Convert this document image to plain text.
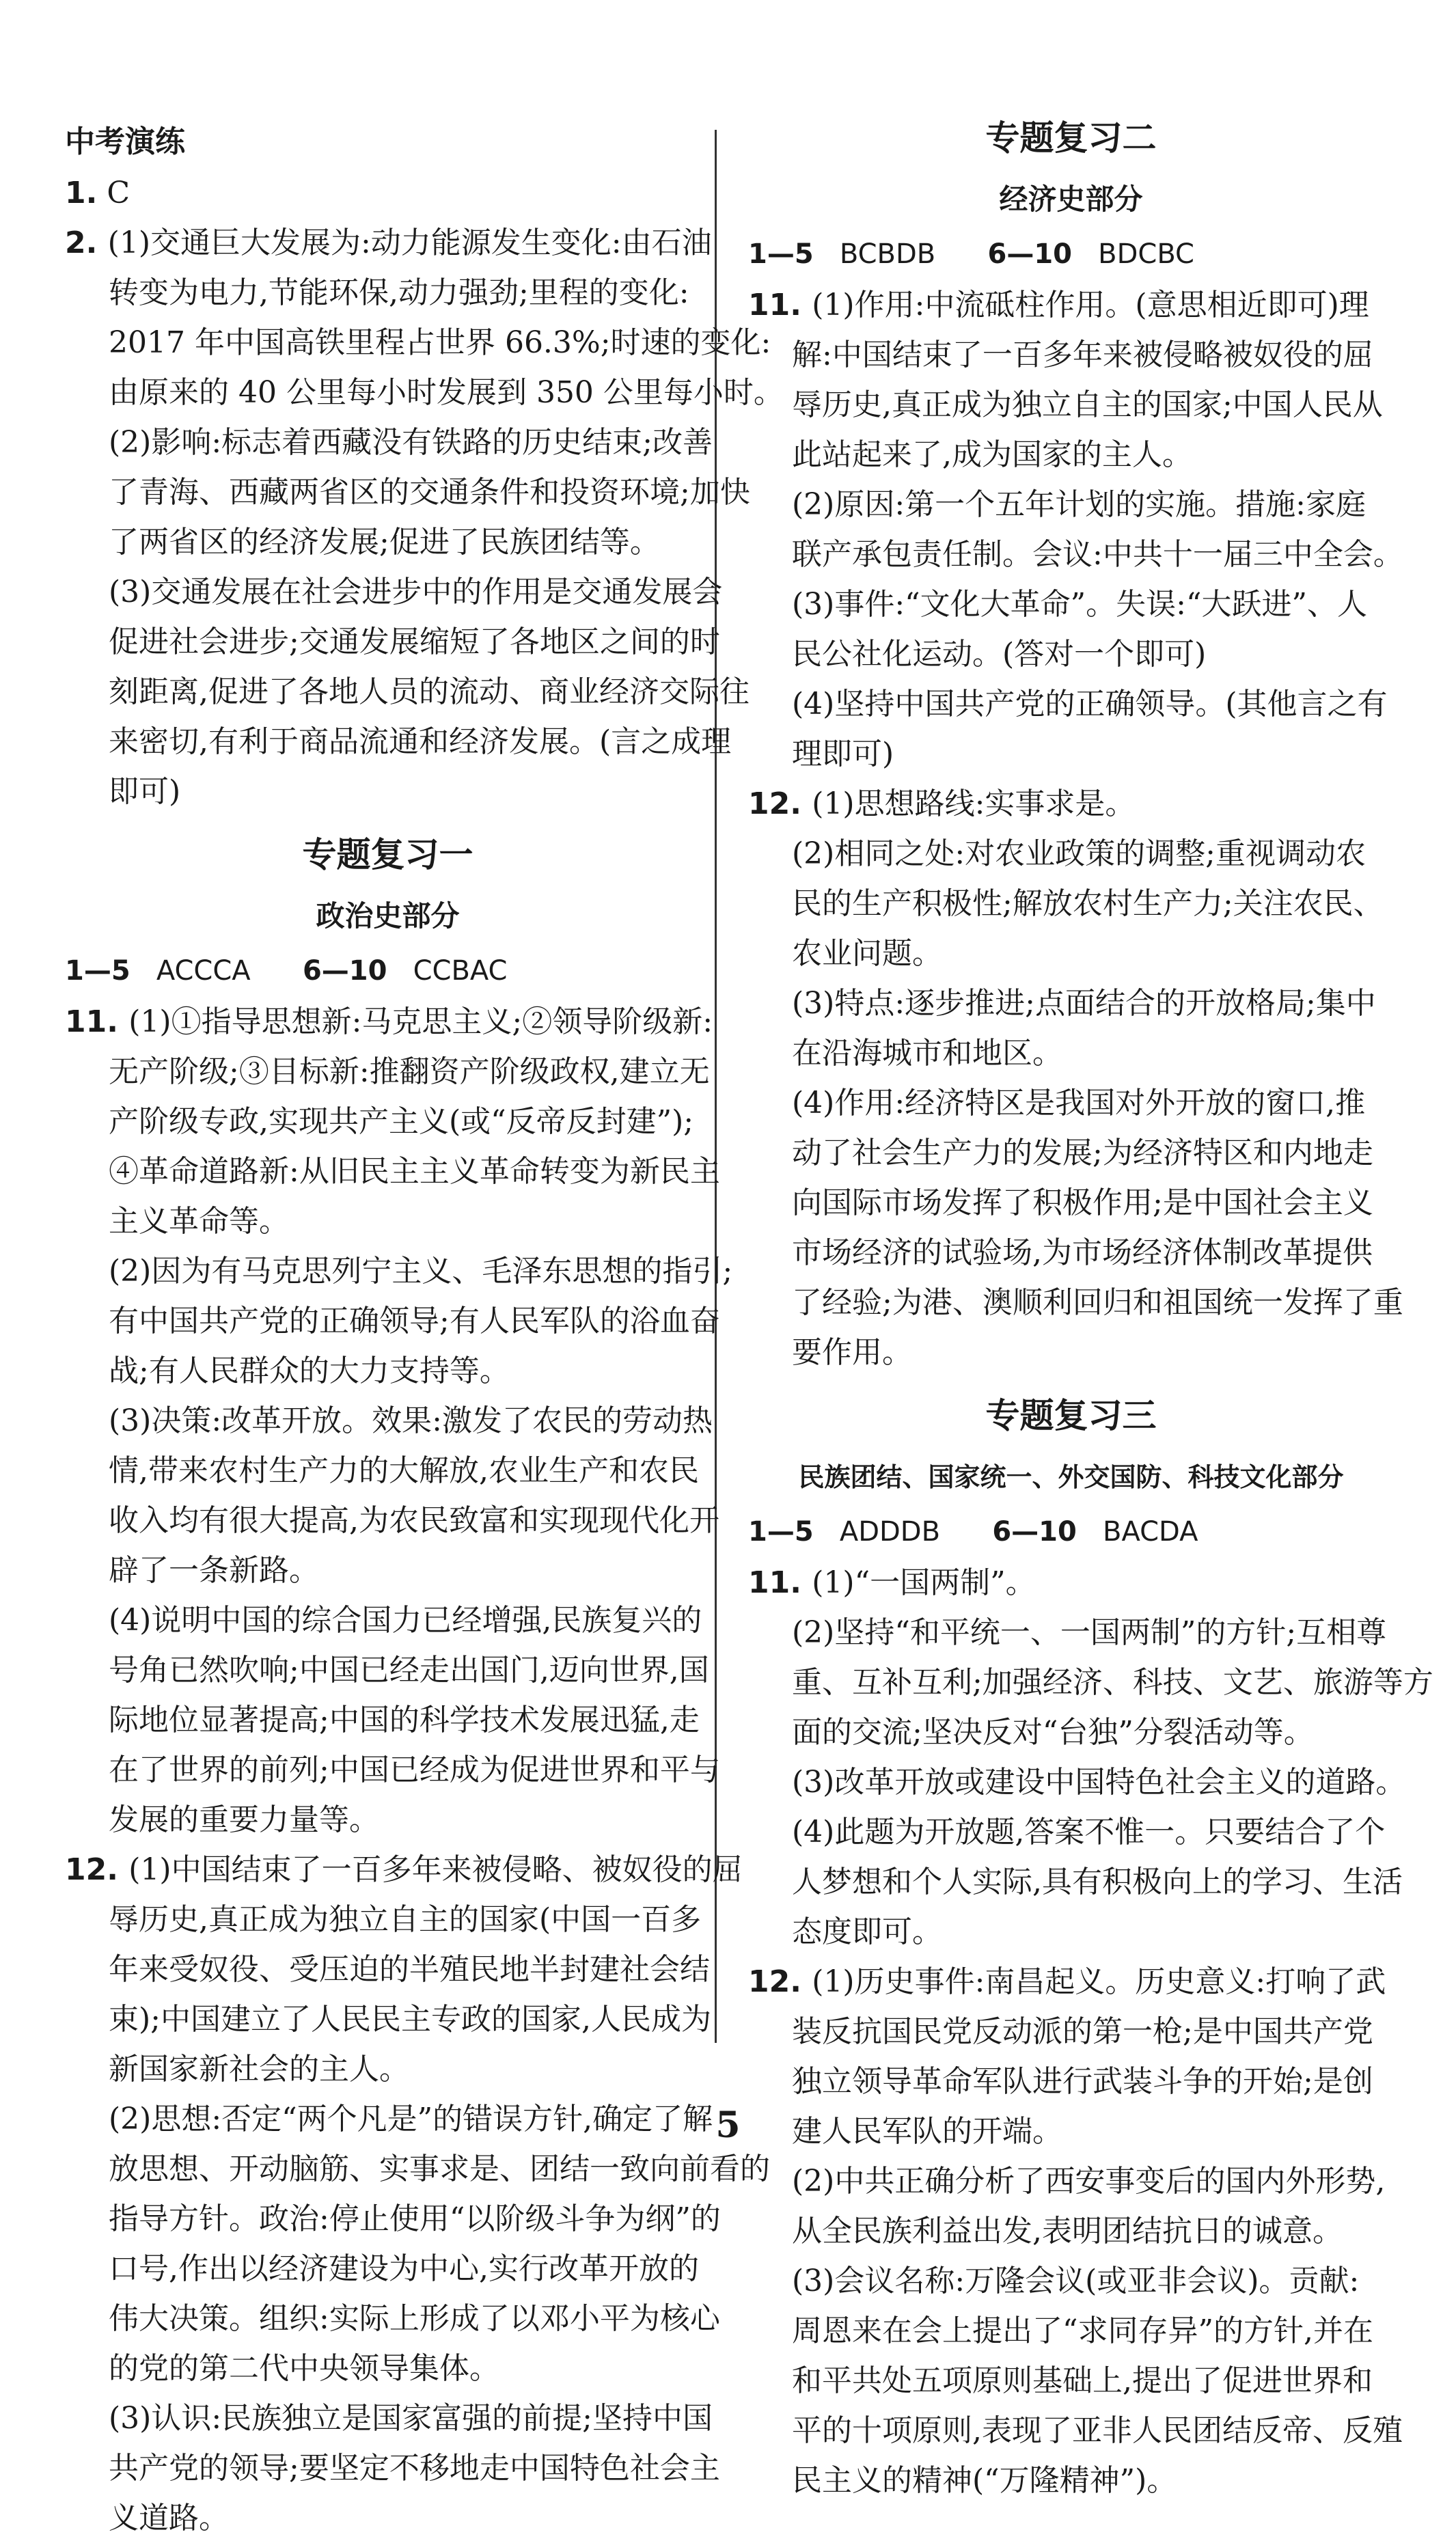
中考演练
1. C
2. (1)交通巨大发展为:动力能源发生变化:由石油
转变为电力,节能环保,动力强劲;里程的变化:
2017 年中国高铁里程占世界 66.3%;时速的变化:
由原来的 40 公里每小时发展到 350 公里每小时。
(2)影响:标志着西藏没有铁路的历史结束;改善
了青海、西藏两省区的交通条件和投资环境;加快
了两省区的经济发展;促进了民族团结等。
(3)交通发展在社会进步中的作用是交通发展会
促进社会进步;交通发展缩短了各地区之间的时
刻距离,促进了各地人员的流动、商业经济交际往
来密切,有利于商品流通和经济发展。(言之成理
即可)
专题复习一
政治史部分
1—5 ACCCA 6—10 CCBAC
11. (1)①指导思想新:马克思主义;②领导阶级新:
无产阶级;③目标新:推翻资产阶级政权,建立无
产阶级专政,实现共产主义(或“反帝反封建”);
④革命道路新:从旧民主主义革命转变为新民主
主义革命等。
(2)因为有马克思列宁主义、毛泽东思想的指引;
有中国共产党的正确领导;有人民军队的浴血奋
战;有人民群众的大力支持等。
(3)决策:改革开放。效果:激发了农民的劳动热
情,带来农村生产力的大解放,农业生产和农民
收入均有很大提高,为农民致富和实现现代化开
辟了一条新路。
(4)说明中国的综合国力已经增强,民族复兴的
号角已然吹响;中国已经走出国门,迈向世界,国
际地位显著提高;中国的科学技术发展迅猛,走
在了世界的前列;中国已经成为促进世界和平与
发展的重要力量等。
12. (1)中国结束了一百多年来被侵略、被奴役的屈
辱历史,真正成为独立自主的国家(中国一百多
年来受奴役、受压迫的半殖民地半封建社会结
束);中国建立了人民民主专政的国家,人民成为
新国家新社会的主人。
(2)思想:否定“两个凡是”的错误方针,确定了解
放思想、开动脑筋、实事求是、团结一致向前看的
指导方针。政治:停止使用“以阶级斗争为纲”的
口号,作出以经济建设为中心,实行改革开放的
伟大决策。组织:实际上形成了以邓小平为核心
的党的第二代中央领导集体。
(3)认识:民族独立是国家富强的前提;坚持中国
共产党的领导;要坚定不移地走中国特色社会主
义道路。
专题复习二
经济史部分
1—5 BCBDB 6—10 BDCBC
11. (1)作用:中流砥柱作用。(意思相近即可)理
解:中国结束了一百多年来被侵略被奴役的屈
辱历史,真正成为独立自主的国家;中国人民从
此站起来了,成为国家的主人。
(2)原因:第一个五年计划的实施。措施:家庭
联产承包责任制。会议:中共十一届三中全会。
(3)事件:“文化大革命”。失误:“大跃进”、人
民公社化运动。(答对一个即可)
(4)坚持中国共产党的正确领导。(其他言之有
理即可)
12. (1)思想路线:实事求是。
(2)相同之处:对农业政策的调整;重视调动农
民的生产积极性;解放农村生产力;关注农民、
农业问题。
(3)特点:逐步推进;点面结合的开放格局;集中
在沿海城市和地区。
(4)作用:经济特区是我国对外开放的窗口,推
动了社会生产力的发展;为经济特区和内地走
向国际市场发挥了积极作用;是中国社会主义
市场经济的试验场,为市场经济体制改革提供
了经验;为港、澳顺利回归和祖国统一发挥了重
要作用。
专题复习三
民族团结、国家统一、外交国防、科技文化部分
1—5 ADDDB 6—10 BACDA
11. (1)“一国两制”。
(2)坚持“和平统一、一国两制”的方针;互相尊
重、互补互利;加强经济、科技、文艺、旅游等方
面的交流;坚决反对“台独”分裂活动等。
(3)改革开放或建设中国特色社会主义的道路。
(4)此题为开放题,答案不惟一。只要结合了个
人梦想和个人实际,具有积极向上的学习、生活
态度即可。
12. (1)历史事件:南昌起义。历史意义:打响了武
装反抗国民党反动派的第一枪;是中国共产党
独立领导革命军队进行武装斗争的开始;是创
建人民军队的开端。
(2)中共正确分析了西安事变后的国内外形势,
从全民族利益出发,表明团结抗日的诚意。
(3)会议名称:万隆会议(或亚非会议)。贡献:
周恩来在会上提出了“求同存异”的方针,并在
和平共处五项原则基础上,提出了促进世界和
平的十项原则,表现了亚非人民团结反帝、反殖
民主义的精神(“万隆精神”)。
5
